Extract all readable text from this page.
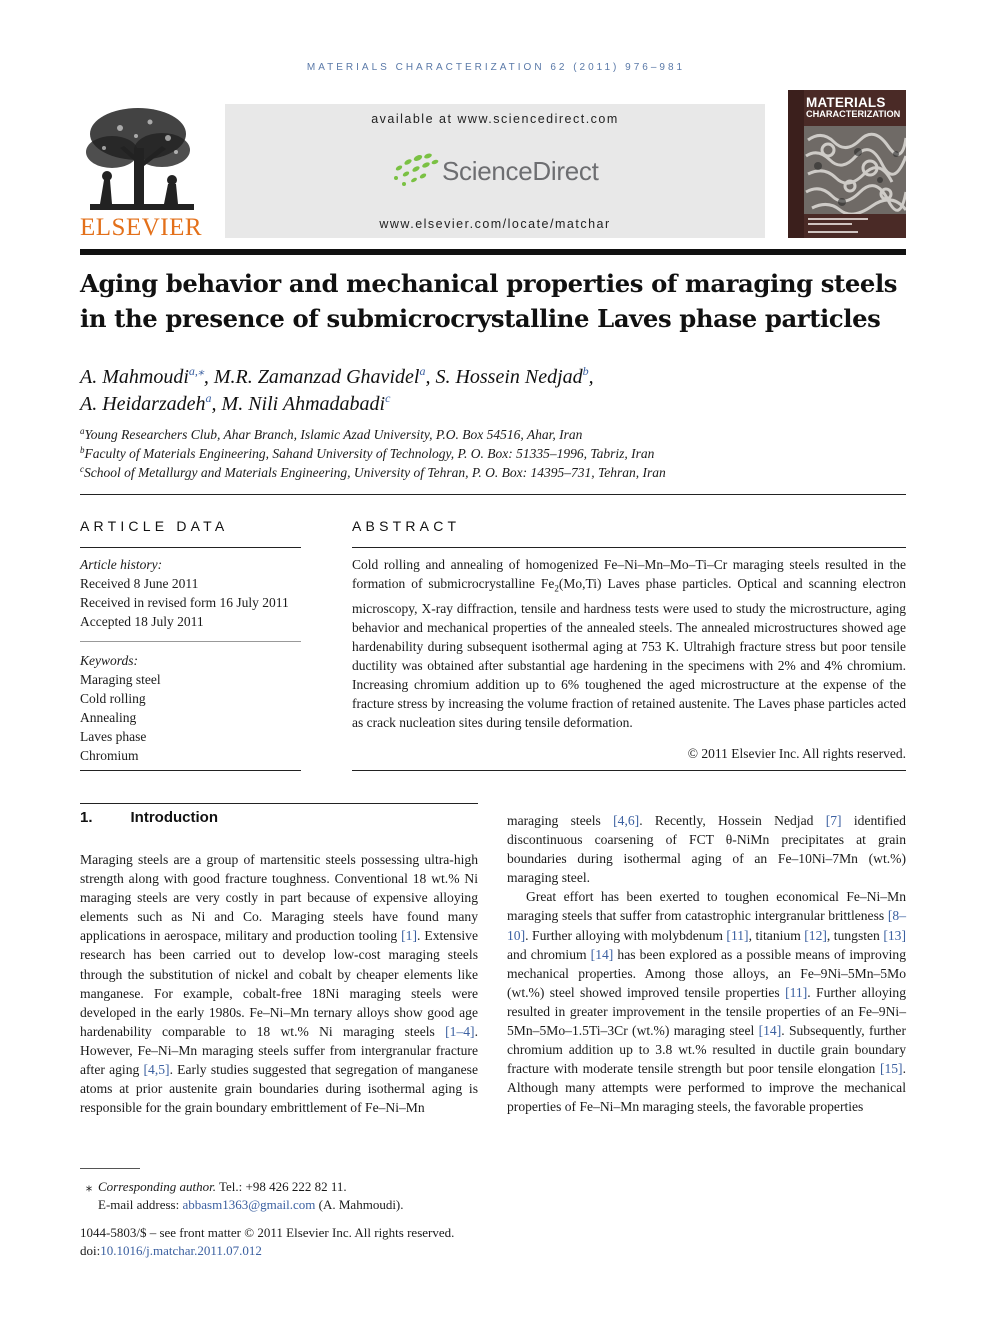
MATERIALS CHARACTERIZATION 62 (2011) 976–981
ELSEVIER
available at www.sciencedirect.com
ScienceDirect
www.elsevier.com/locate/matchar
MATERIALS
CHARACTERIZATION
Aging behavior and mechanical properties of maraging steels
in the presence of submicrocrystalline Laves phase particles
A. Mahmoudi$^{a,⁎}$, M.R. Zamanzad Ghavidel$^a$, S. Hossein Nedjad$^b$,
A. Heidarzadeh$^a$, M. Nili Ahmadabadi$^c$
$^a$Young Researchers Club, Ahar Branch, Islamic Azad University, P.O. Box 54516, Ahar, Iran
$^b$Faculty of Materials Engineering, Sahand University of Technology, P. O. Box: 51335–1996, Tabriz, Iran
$^c$School of Metallurgy and Materials Engineering, University of Tehran, P. O. Box: 14395–731, Tehran, Iran
ARTICLE DATA
Article history:
Received 8 June 2011
Received in revised form 16 July 2011
Accepted 18 July 2011
Keywords:
Maraging steel
Cold rolling
Annealing
Laves phase
Chromium
ABSTRACT
Cold rolling and annealing of homogenized Fe–Ni–Mn–Mo–Ti–Cr maraging steels resulted in the formation of submicrocrystalline $Fe_2(Mo,Ti)$ Laves phase particles. Optical and scanning electron microscopy, X-ray diffraction, tensile and hardness tests were used to study the microstructure, aging behavior and mechanical properties of the annealed steels. The annealed microstructures showed age hardenability during subsequent isothermal aging at 753 K. Ultrahigh fracture stress but poor tensile ductility was obtained after substantial age hardening in the specimens with 2% and 4% chromium. Increasing chromium addition up to 6% toughened the aged microstructure at the expense of the fracture stress by increasing the volume fraction of retained austenite. The Laves phase particles acted as crack nucleation sites during tensile deformation.
© 2011 Elsevier Inc. All rights reserved.
1.	Introduction
Maraging steels are a group of martensitic steels possessing ultra-high strength along with good fracture toughness. Conventional 18 wt.% Ni maraging steels are very costly in part because of expensive alloying elements such as Ni and Co. Maraging steels have found many applications in aerospace, military and production tooling [1]. Extensive research has been carried out to develop low-cost maraging steels through the substitution of nickel and cobalt by cheaper elements like manganese. For example, cobalt-free 18Ni maraging steels were developed in the early 1980s. Fe–Ni–Mn ternary alloys show good age hardenability comparable to 18 wt.% Ni maraging steels [1–4]. However, Fe–Ni–Mn maraging steels suffer from intergranular fracture after aging [4,5]. Early studies suggested that segregation of manganese atoms at prior austenite grain boundaries during isothermal aging is responsible for the grain boundary embrittlement of Fe–Ni–Mn
maraging steels [4,6]. Recently, Hossein Nedjad [7] identified discontinuous coarsening of FCT θ-NiMn precipitates at grain boundaries during isothermal aging of an Fe–10Ni–7Mn (wt.%) maraging steel.
Great effort has been exerted to toughen economical Fe–Ni–Mn maraging steels that suffer from catastrophic intergranular brittleness [8–10]. Further alloying with molybdenum [11], titanium [12], tungsten [13] and chromium [14] has been explored as a possible means of improving mechanical properties. Among those alloys, an Fe–9Ni–5Mn–5Mo (wt.%) steel showed improved tensile properties [11]. Further alloying resulted in greater improvement in the tensile properties of an Fe–9Ni–5Mn–5Mo–1.5Ti–3Cr (wt.%) maraging steel [14]. Subsequently, further chromium addition up to 3.8 wt.% resulted in ductile grain boundary fracture with moderate tensile strength but poor tensile elongation [15]. Although many attempts were performed to improve the mechanical properties of Fe–Ni–Mn maraging steels, the favorable properties
⁎ Corresponding author. Tel.: +98 426 222 82 11.
E-mail address: abbasm1363@gmail.com (A. Mahmoudi).
1044-5803/$ – see front matter © 2011 Elsevier Inc. All rights reserved.
doi:10.1016/j.matchar.2011.07.012
